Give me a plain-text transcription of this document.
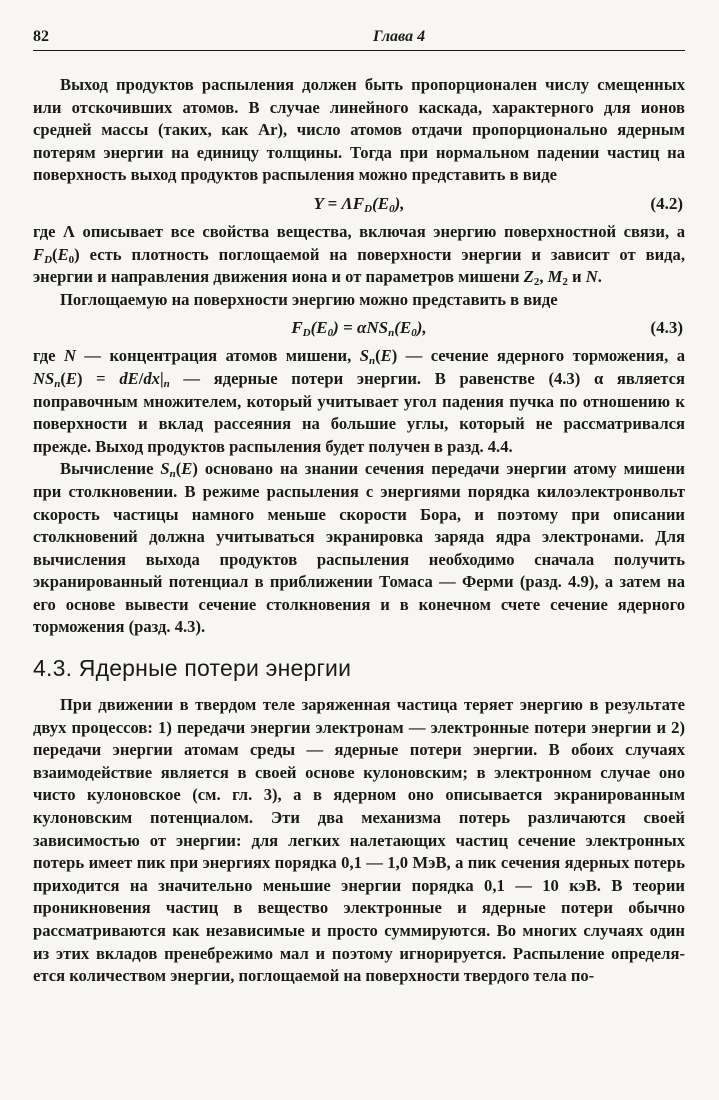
82	Глава 4

Выход продуктов распыления должен быть пропорционален числу смещенных или отскочивших атомов. В случае линейного каскада, характерного для ионов средней массы (таких, как Ar), число атомов отдачи пропорционально ядерным потерям энергии на единицу толщины. Тогда при нормальном падении частиц на поверхность выход продуктов распыления можно представить в виде

$Y = \Lambda F_D(E_0)$,	(4.2)

где Λ описывает все свойства вещества, включая энергию поверхностной связи, а $F_D(E_0)$ есть плотность поглощаемой на поверхности энергии и зависит от вида, энергии и направления движения иона и от параметров мишени $Z_2$, $M_2$ и N.

Поглощаемую на поверхности энергию можно представить в виде

$F_D(E_0) = \alpha NS_n(E_0)$,	(4.3)

где N — концентрация атомов мишени, $S_n(E)$ — сечение ядерного торможения, а $NS_n(E) = dE/dx|_n$ — ядерные потери энергии. В равенстве (4.3) α является поправочным множителем, который учитывает угол падения пучка по отношению к поверхности и вклад рассеяния на большие углы, который не рассматривался прежде. Выход продуктов распыления будет получен в разд. 4.4.

Вычисление $S_n(E)$ основано на знании сечения передачи энергии атому мишени при столкновении. В режиме распыления с энергиями порядка килоэлектронвольт скорость частицы намного меньше скорости Бора, и поэтому при описании столкновений должна учитываться экранировка заряда ядра электронами. Для вычисления выхода продуктов распыления необходимо сначала получить экранированный потенциал в приближении Томаса — Ферми (разд. 4.9), а затем на его основе вывести сечение столкновения и в конечном счете сечение ядерного торможения (разд. 4.3).

4.3. Ядерные потери энергии

При движении в твердом теле заряженная частица теряет энергию в результате двух процессов: 1) передачи энергии электронам — электронные потери энергии и 2) передачи энергии атомам среды — ядерные потери энергии. В обоих случаях взаимодействие является в своей основе кулоновским; в электронном случае оно чисто кулоновское (см. гл. 3), а в ядерном оно описывается экранированным кулоновским потенциалом. Эти два механизма потерь различаются своей зависимостью от энергии: для легких налетающих частиц сечение электронных потерь имеет пик при энергиях порядка 0,1 — 1,0 МэВ, а пик сечения ядерных потерь приходится на значительно меньшие энергии порядка 0,1 — 10 кэВ. В теории проникновения частиц в вещество электронные и ядерные потери обычно рассматриваются как независимые и просто суммируются. Во многих случаях один из этих вкладов пренебрежимо мал и поэтому игнорируется. Распыление определяется количеством энергии, поглощаемой на поверхности твердого тела по-
